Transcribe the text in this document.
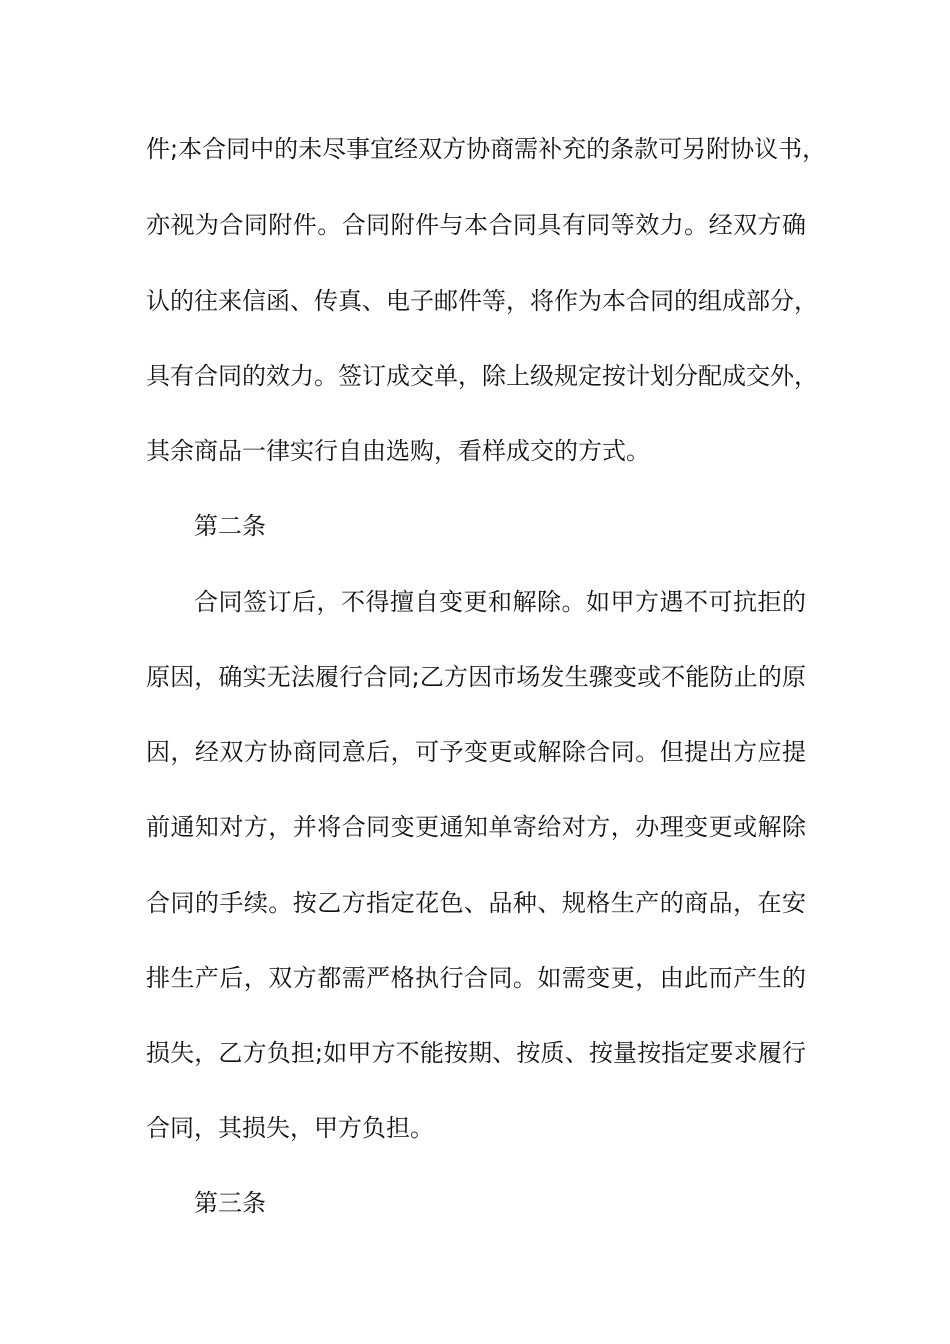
件;本合同中的未尽事宜经双方协商需补充的条款可另附协议书，
亦视为合同附件。合同附件与本合同具有同等效力。经双方确
认的往来信函、传真、电子邮件等，将作为本合同的组成部分，
具有合同的效力。签订成交单，除上级规定按计划分配成交外，
其余商品一律实行自由选购，看样成交的方式。
第二条
合同签订后，不得擅自变更和解除。如甲方遇不可抗拒的
原因，确实无法履行合同;乙方因市场发生骤变或不能防止的原
因，经双方协商同意后，可予变更或解除合同。但提出方应提
前通知对方，并将合同变更通知单寄给对方，办理变更或解除
合同的手续。按乙方指定花色、品种、规格生产的商品，在安
排生产后，双方都需严格执行合同。如需变更，由此而产生的
损失，乙方负担;如甲方不能按期、按质、按量按指定要求履行
合同，其损失，甲方负担。
第三条
